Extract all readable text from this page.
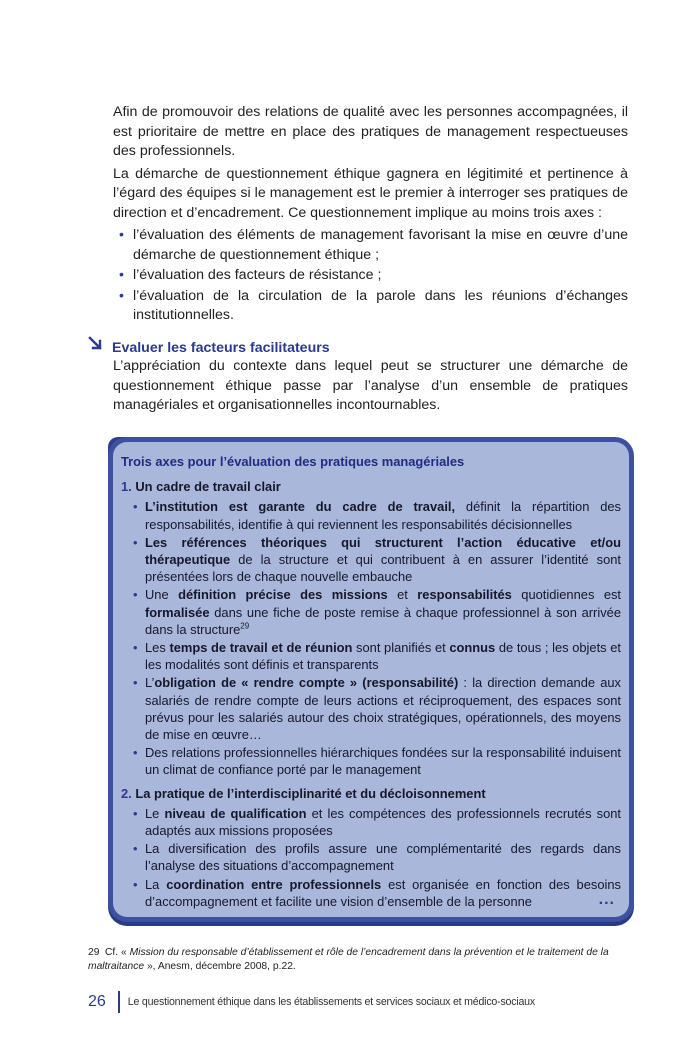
Afin de promouvoir des relations de qualité avec les personnes accompagnées, il est prioritaire de mettre en place des pratiques de management respectueuses des professionnels.

La démarche de questionnement éthique gagnera en légitimité et pertinence à l’égard des équipes si le management est le premier à interroger ses pratiques de direction et d’encadrement. Ce questionnement implique au moins trois axes :

• l’évaluation des éléments de management favorisant la mise en œuvre d’une démarche de questionnement éthique ;
• l’évaluation des facteurs de résistance ;
• l’évaluation de la circulation de la parole dans les réunions d’échanges institutionnelles.
Evaluer les facteurs facilitateurs

L’appréciation du contexte dans lequel peut se structurer une démarche de questionnement éthique passe par l’analyse d’un ensemble de pratiques managériales et organisationnelles incontournables.

Trois axes pour l’évaluation des pratiques managériales
1. Un cadre de travail clair
• L’institution est garante du cadre de travail, définit la répartition des responsabilités, identifie à qui reviennent les responsabilités décisionnelles
• Les références théoriques qui structurent l’action éducative et/ou thérapeutique de la structure et qui contribuent à en assurer l’identité sont présentées lors de chaque nouvelle embauche
• Une définition précise des missions et responsabilités quotidiennes est formalisée dans une fiche de poste remise à chaque professionnel à son arrivée dans la structure$^{29}$
• Les temps de travail et de réunion sont planifiés et connus de tous ; les objets et les modalités sont définis et transparents
• L’obligation de « rendre compte » (responsabilité) : la direction demande aux salariés de rendre compte de leurs actions et réciproquement, des espaces sont prévus pour les salariés autour des choix stratégiques, opérationnels, des moyens de mise en œuvre…
• Des relations professionnelles hiérarchiques fondées sur la responsabilité induisent un climat de confiance porté par le management
2. La pratique de l’interdisciplinarité et du décloisonnement
• Le niveau de qualification et les compétences des professionnels recrutés sont adaptés aux missions proposées
• La diversification des profils assure une complémentarité des regards dans l’analyse des situations d’accompagnement
• La coordination entre professionnels est organisée en fonction des besoins d’accompagnement et facilite une vision d’ensemble de la personne	...
29 Cf. « Mission du responsable d’établissement et rôle de l’encadrement dans la prévention et le traitement de la maltraitance », Anesm, décembre 2008, p.22.
26 Le questionnement éthique dans les établissements et services sociaux et médico-sociaux
